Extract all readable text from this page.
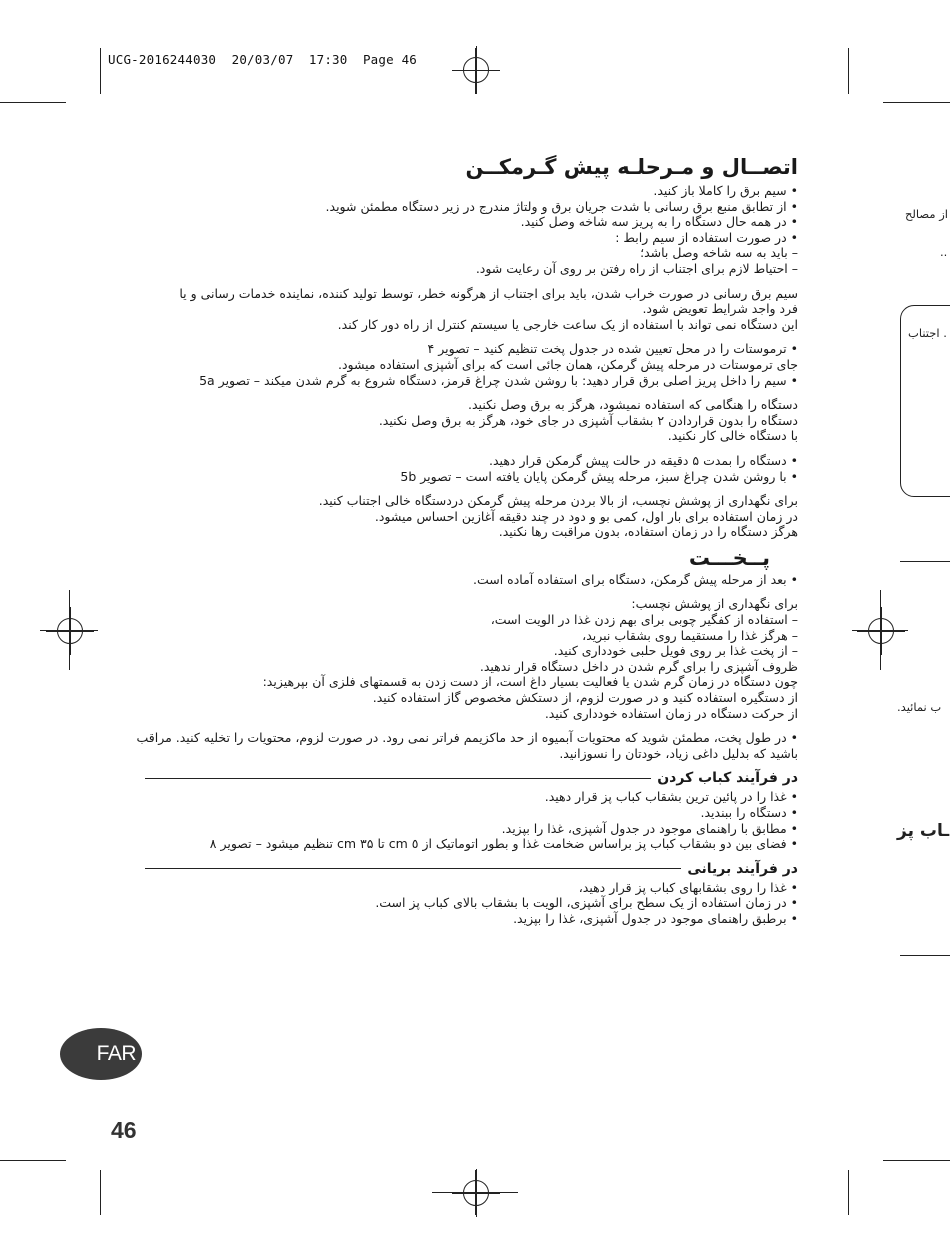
UCG-2016244030  20/03/07  17:30  Page 46
از مصالح
..
. اجتناب
ب نمائید.
ـاب پز
اتصــال و مـرحلـه پیش گـرمکــن
• سیم برق را کاملا باز کنید.
• از تطابق منبع برق رسانی با شدت جریان برق و ولتاژ مندرج در زیر دستگاه مطمئن شوید.
• در همه حال دستگاه را به پریز سه شاخه وصل کنید.
• در صورت استفاده از سیم رابط :
– باید به سه شاخه وصل باشد؛
– احتیاط لازم برای اجتناب از راه رفتن بر روی آن رعایت شود.
سیم برق رسانی در صورت خراب شدن، باید برای اجتناب از هرگونه خطر، توسط تولید کننده، نماینده خدمات رسانی و یا
فرد واجد شرایط تعویض شود.
این دستگاه نمی تواند با استفاده از یک ساعت خارجی یا سیستم کنترل از راه دور کار کند.
• ترموستات را در محل تعیین شده در جدول پخت تنظیم کنید – تصویر ۴
جای ترموستات در مرحله پیش گرمکن، همان جائی است که برای آشپزی استفاده میشود.
• سیم را داخل پریز اصلی برق قرار دهید: با روشن شدن چراغ قرمز، دستگاه شروع به گرم شدن میکند – تصویر 5a
دستگاه را هنگامی که استفاده نمیشود، هرگز به برق وصل نکنید.
دستگاه را بدون قراردادن ۲ بشقاب آشپزی در جای خود، هرگز به برق وصل نکنید.
با دستگاه خالی کار نکنید.
• دستگاه را بمدت ۵ دقیقه در حالت پیش گرمکن قرار دهید.
• با روشن شدن چراغ سبز، مرحله پیش گرمکن پایان یافته است – تصویر 5b
برای نگهداری از پوشش نچسب، از بالا بردن مرحله پیش گرمکن دردستگاه خالی اجتناب کنید.
در زمان استفاده برای بار اول، کمی بو و دود در چند دقیقه آغازین احساس میشود.
هرگز دستگاه را در زمان استفاده، بدون مراقبت رها نکنید.
پــخـــت
• بعد از مرحله پیش گرمکن، دستگاه برای استفاده آماده است.
برای نگهداری از پوشش نچسب:
– استفاده از کفگیر چوبی برای بهم زدن غذا در الویت است،
– هرگز غذا را مستقیما روی بشقاب نبرید،
– از پخت غذا بر روی فویل حلبی خودداری کنید.
ظروف آشپزی را برای گرم شدن در داخل دستگاه قرار ندهید.
چون دستگاه در زمان گرم شدن یا فعالیت بسیار داغ است، از دست زدن به قسمتهای فلزی آن بپرهیزید:
از دستگیره استفاده کنید و در صورت لزوم، از دستکش مخصوص گاز استفاده کنید.
از حرکت دستگاه در زمان استفاده خودداری کنید.
• در طول پخت، مطمئن شوید که محتویات آبمیوه از حد ماکزیمم فراتر نمی رود. در صورت لزوم، محتویات را تخلیه کنید. مراقب
باشید که بدلیل داغی زیاد، خودتان را نسوزانید.
در فرآیند کباب کردن
• غذا را در پائین ترین بشقاب کباب پز قرار دهید.
• دستگاه را ببندید.
• مطابق با راهنمای موجود در جدول آشپزی، غذا را بپزید.
• فضای بین دو بشقاب کباب پز براساس ضخامت غذا و بطور اتوماتیک از ٥ cm تا ۳۵ cm تنظیم میشود – تصویر ۸
در فرآیند بریانی
• غذا را روی بشقابهای کباب پز قرار دهید،
• در زمان استفاده از یک سطح برای آشپزی، الویت با بشقاب بالای کباب پز است.
• برطبق راهنمای موجود در جدول آشپزی، غذا را بپزید.
FAR
46
